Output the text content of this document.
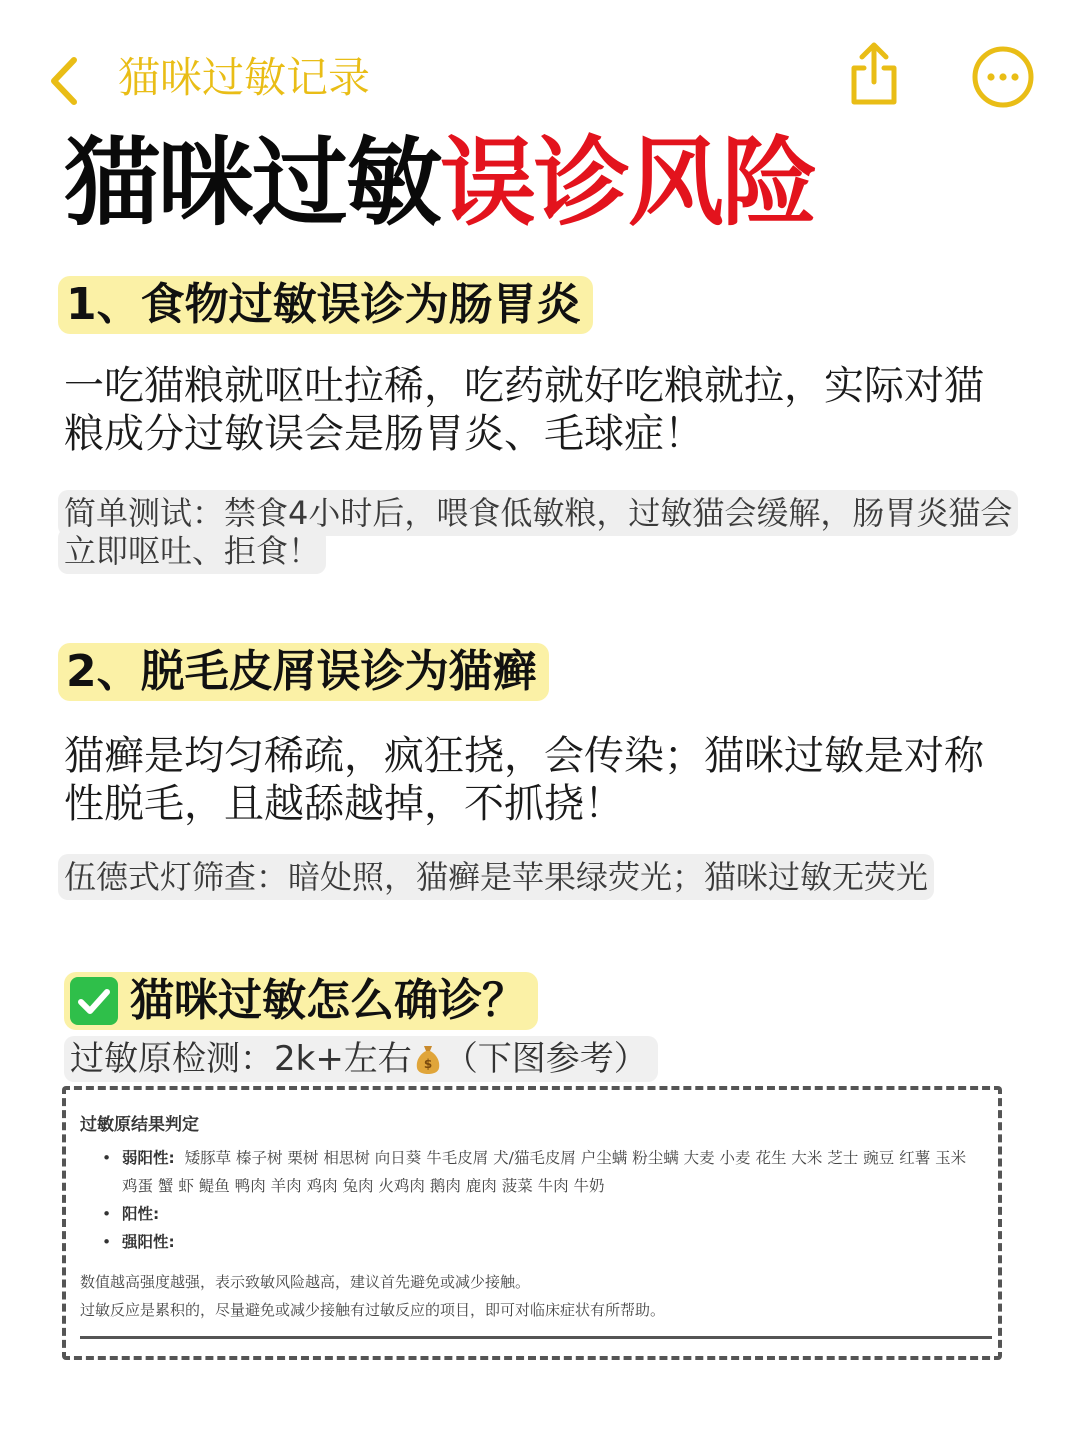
猫咪过敏记录
猫咪过敏误诊风险
1、食物过敏误诊为肠胃炎

一吃猫粮就呕吐拉稀，吃药就好吃粮就拉，实际对猫粮成分过敏误会是肠胃炎、毛球症！

简单测试：禁食4小时后，喂食低敏粮，过敏猫会缓解，肠胃炎猫会立即呕吐、拒食！
2、脱毛皮屑误诊为猫癣

猫癣是均匀稀疏，疯狂挠，会传染；猫咪过敏是对称性脱毛，且越舔越掉，不抓挠！

伍德式灯筛查：暗处照，猫癣是苹果绿荧光；猫咪过敏无荧光
猫咪过敏怎么确诊？
过敏原检测：2k+左右 $ （下图参考）
过敏原结果判定
• 弱阳性: 矮豚草 榛子树 栗树 相思树 向日葵 牛毛皮屑 犬/猫毛皮屑 户尘螨 粉尘螨 大麦 小麦 花生 大米 芝士 豌豆 红薯 玉米 鸡蛋 蟹 虾 鳀鱼 鸭肉 羊肉 鸡肉 兔肉 火鸡肉 鹅肉 鹿肉 菠菜 牛肉 牛奶
• 阳性:
• 强阳性:
数值越高强度越强，表示致敏风险越高，建议首先避免或减少接触。
过敏反应是累积的，尽量避免或减少接触有过敏反应的项目，即可对临床症状有所帮助。
